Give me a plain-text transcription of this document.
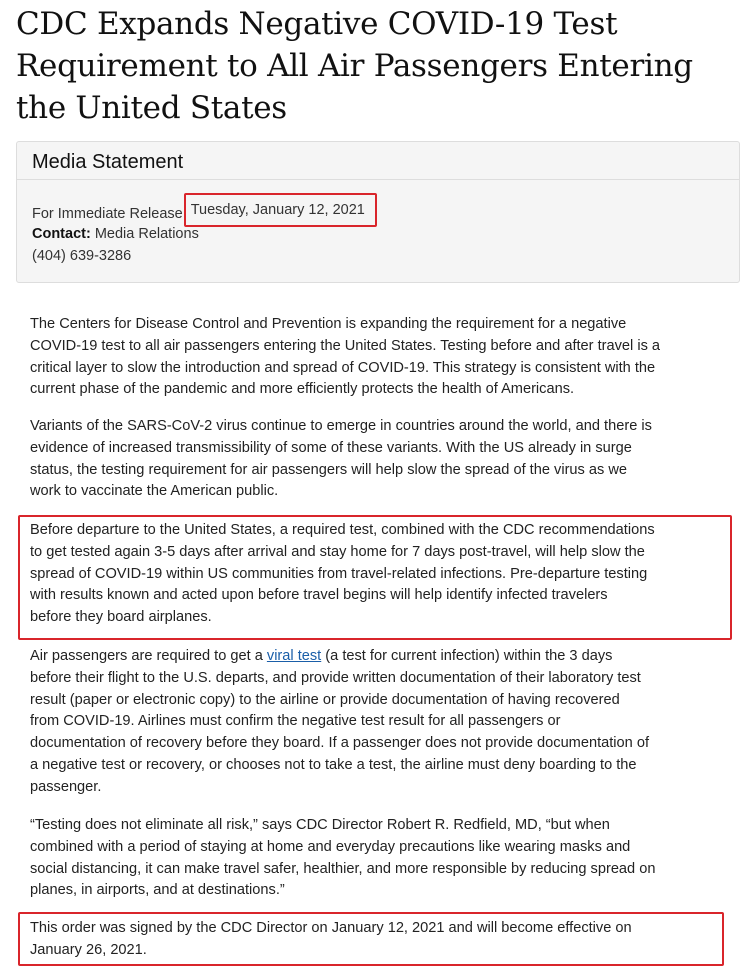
CDC Expands Negative COVID-19 Test
Requirement to All Air Passengers Entering
the United States
Media Statement
For Immediate Release: Tuesday, January 12, 2021
Contact: Media Relations
(404) 639-3286
The Centers for Disease Control and Prevention is expanding the requirement for a negative
COVID-19 test to all air passengers entering the United States. Testing before and after travel is a
critical layer to slow the introduction and spread of COVID-19. This strategy is consistent with the
current phase of the pandemic and more efficiently protects the health of Americans.
Variants of the SARS-CoV-2 virus continue to emerge in countries around the world, and there is
evidence of increased transmissibility of some of these variants. With the US already in surge
status, the testing requirement for air passengers will help slow the spread of the virus as we
work to vaccinate the American public.
Before departure to the United States, a required test, combined with the CDC recommendations
to get tested again 3-5 days after arrival and stay home for 7 days post-travel, will help slow the
spread of COVID-19 within US communities from travel-related infections. Pre-departure testing
with results known and acted upon before travel begins will help identify infected travelers
before they board airplanes.
Air passengers are required to get a viral test (a test for current infection) within the 3 days
before their flight to the U.S. departs, and provide written documentation of their laboratory test
result (paper or electronic copy) to the airline or provide documentation of having recovered
from COVID-19. Airlines must confirm the negative test result for all passengers or
documentation of recovery before they board. If a passenger does not provide documentation of
a negative test or recovery, or chooses not to take a test, the airline must deny boarding to the
passenger.
“Testing does not eliminate all risk,” says CDC Director Robert R. Redfield, MD, “but when
combined with a period of staying at home and everyday precautions like wearing masks and
social distancing, it can make travel safer, healthier, and more responsible by reducing spread on
planes, in airports, and at destinations.”
This order was signed by the CDC Director on January 12, 2021 and will become effective on
January 26, 2021.
